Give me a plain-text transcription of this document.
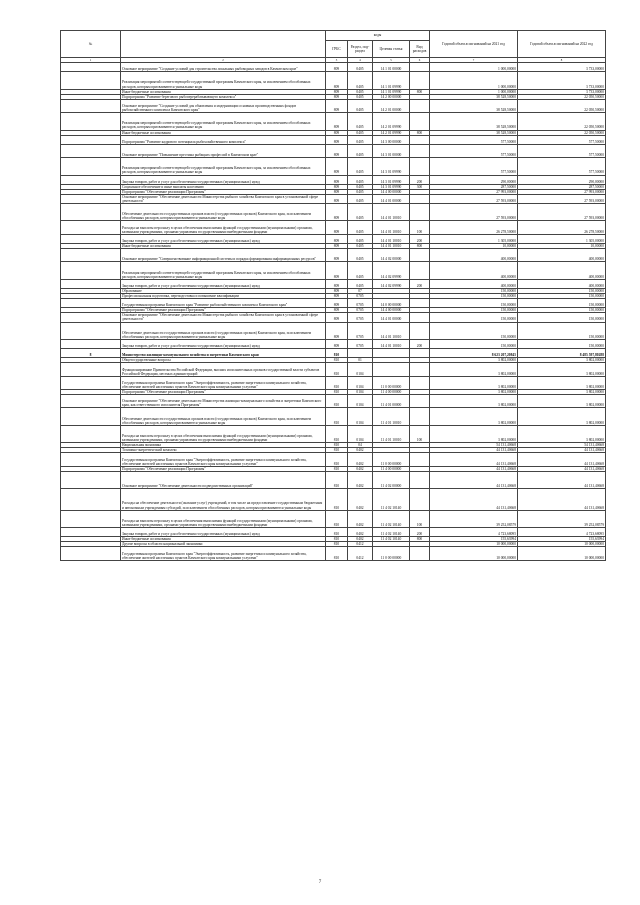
№		коды				Годовой объем ассигнований на 2021 год	Годовой объем ассигнований на 2022 год
		ГРБС	Раздел, под-раздел	Целевая статья	Вид расходов		
1	2	3	4	5	6	7	8
	Основное мероприятие "Создание условий для строительства локальных рыбоводных заводов в Камчатском крае"	809	0405	14 1 01 00000		1 000,00000	3 733,00000
	Реализация мероприятий соответствующей государственной программы Камчатского края, за исключением обособленных расходов, которым присваиваются уникальные коды	809	0405	14 1 01 09990		1 000,00000	3 733,00000
	Иные бюджетные ассигнования	809	0405	14 1 01 09990	800	1 000,00000	3 733,00000
	Подпрограмма "Развитие берегового рыбоперерабатывающего комплекса"	809	0405	14 2 00 00000		38 528,50000	22 050,50000
	Основное мероприятие "Создание условий для обновления и модернизации основных производственных фондов рыбохозяйственного комплекса Камчатского края"	809	0405	14 2 01 00000		38 528,50000	22 050,50000
	Реализация мероприятий соответствующей государственной программы Камчатского края, за исключением обособленных расходов, которым присваиваются уникальные коды	809	0405	14 2 01 09990		38 528,50000	22 050,50000
	Иные бюджетные ассигнования	809	0405	14 2 01 09990	800	38 528,50000	22 050,50000
	Подпрограмма "Развитие кадрового потенциала рыбохозяйственного комплекса"	809	0405	14 3 00 00000		577,50000	577,50000
	Основное мероприятие "Повышение престижа рыбацких профессий в Камчатском крае"	809	0405	14 3 01 00000		577,50000	577,50000
	Реализация мероприятий соответствующей государственной программы Камчатского края, за исключением обособленных расходов, которым присваиваются уникальные коды	809	0405	14 3 01 09990		577,50000	577,50000
	Закупка товаров, работ и услуг для обеспечения государственных (муниципальных) нужд	809	0405	14 3 01 09990	200	290,00000	290,00000
	Социальное обеспечение и иные выплаты населению	809	0405	14 3 01 09990	300	287,50000	287,50000
	Подпрограмма "Обеспечение реализации Программы"	809	0405	14 4 00 00000		27 993,00000	27 993,00000
	Основное мероприятие "Обеспечение деятельности Министерства рыбного хозяйства Камчатского края в установленной сфере деятельности"	809	0405	14 4 01 00000		27 593,00000	27 593,00000
	Обеспечение деятельности государственных органов власти (государственных органов) Камчатского края, за исключением обособленных расходов, которым присваиваются уникальные коды	809	0405	14 4 01 10010		27 593,00000	27 593,00000
	Расходы на выплаты персоналу в целях обеспечения выполнения функций государственными (муниципальными) органами, казенными учреждениями, органами управления государственными внебюджетными фондами	809	0405	14 4 01 10010	100	26 278,50000	26 278,50000
	Закупка товаров, работ и услуг для обеспечения государственных (муниципальных) нужд	809	0405	14 4 01 10010	200	1 305,00000	1 305,00000
	Иные бюджетные ассигнования	809	0405	14 4 01 10010	800	10,00000	10,00000
	Основное мероприятие "Совершенствование информационной системы и порядка формирования информационных ресурсов"	809	0405	14 4 02 00000		400,00000	400,00000
	Реализация мероприятий соответствующей государственной программы Камчатского края, за исключением обособленных расходов, которым присваиваются уникальные коды	809	0405	14 4 02 09990		400,00000	400,00000
	Закупка товаров, работ и услуг для обеспечения государственных (муниципальных) нужд	809	0405	14 4 02 09990	200	400,00000	400,00000
	Образование	809	07			150,00000	150,00000
	Профессиональная подготовка, переподготовка и повышение квалификации	809	0705			150,00000	150,00000
	Государственная программа Камчатского края "Развитие рыбохозяйственного комплекса Камчатского края"	809	0705	14 0 00 00000		150,00000	150,00000
	Подпрограмма "Обеспечение реализации Программы"	809	0705	14 4 00 00000		150,00000	150,00000
	Основное мероприятие "Обеспечение деятельности Министерства рыбного хозяйства Камчатского края в установленной сфере деятельности"	809	0705	14 4 01 00000		150,00000	150,00000
	Обеспечение деятельности государственных органов власти (государственных органов) Камчатского края, за исключением обособленных расходов, которым присваиваются уникальные коды	809	0705	14 4 01 10010		150,00000	150,00000
	Закупка товаров, работ и услуг для обеспечения государственных (муниципальных) нужд	809	0705	14 4 01 10010	200	150,00000	150,00000
8	Министерство жилищно-коммунального хозяйства и энергетики Камчатского края	810				8 623 207,20845	8 485 597,80288
	Общегосударственные вопросы	810	01			3 802,00000	3 802,00000
	Функционирование Правительства Российской Федерации, высших исполнительных органов государственной власти субъектов Российской Федерации, местных администраций	810	0104			3 802,00000	3 802,00000
	Государственная программа Камчатского края "Энергоэффективность, развитие энергетики и коммунального хозяйства, обеспечение жителей населенных пунктов Камчатского края коммунальными услугами"	810	0104	11 0 00 00000		3 802,00000	3 802,00000
	Подпрограмма "Обеспечение реализации Программы"	810	0104	11 4 00 00000		3 802,00000	3 802,00000
	Основное мероприятие "Обеспечение деятельности Министерства жилищно-коммунального хозяйства и энергетики Камчатского края, как ответственного исполнителя Программы"	810	0104	11 4 01 00000		3 802,00000	3 802,00000
	Обеспечение деятельности государственных органов власти (государственных органов) Камчатского края, за исключением обособленных расходов, которым присваиваются уникальные коды	810	0104	11 4 01 10010		3 802,00000	3 802,00000
	Расходы на выплаты персоналу в целях обеспечения выполнения функций государственными (муниципальными) органами, казенными учреждениями, органами управления государственными внебюджетными фондами	810	0104	11 4 01 10010	100	3 802,00000	3 802,00000
	Национальная экономика	810	04			54 131,40668	54 131,40668
	Топливно-энергетический комплекс	810	0402			44 131,40668	44 131,40668
	Государственная программа Камчатского края "Энергоэффективность, развитие энергетики и коммунального хозяйства, обеспечение жителей населенных пунктов Камчатского края коммунальными услугами"	810	0402	11 0 00 00000		44 131,40668	44 131,40668
	Подпрограмма "Обеспечение реализации Программы"	810	0402	11 4 00 00000		44 131,40668	44 131,40668
	Основное мероприятие "Обеспечение деятельности подведомственных организаций"	810	0402	11 4 02 00000		44 131,40668	44 131,40668
	Расходы на обеспечение деятельности (оказание услуг) учреждений, в том числе на предоставление государственным бюджетным и автономным учреждениям субсидий, за исключением обособленных расходов, которым присваиваются уникальные коды	810	0402	11 4 02 10140		44 131,40668	44 131,40668
	Расходы на выплаты персоналу в целях обеспечения выполнения функций государственными (муниципальными) органами, казенными учреждениями, органами управления государственными внебюджетными фондами	810	0402	11 4 02 10140	100	39 252,08579	39 252,08579
	Закупка товаров, работ и услуг для обеспечения государственных (муниципальных) нужд	810	0402	11 4 02 10140	200	4 723,68095	4 723,68095
	Иные бюджетные ассигнования	810	0402	11 4 02 10140	800	155,63994	155,63994
	Другие вопросы в области национальной экономики	810	0412			10 000,00000	10 000,00000
	Государственная программа Камчатского края "Энергоэффективность, развитие энергетики и коммунального хозяйства, обеспечение жителей населенных пунктов Камчатского края коммунальными услугами"	810	0412	11 0 00 00000		10 000,00000	10 000,00000
7
